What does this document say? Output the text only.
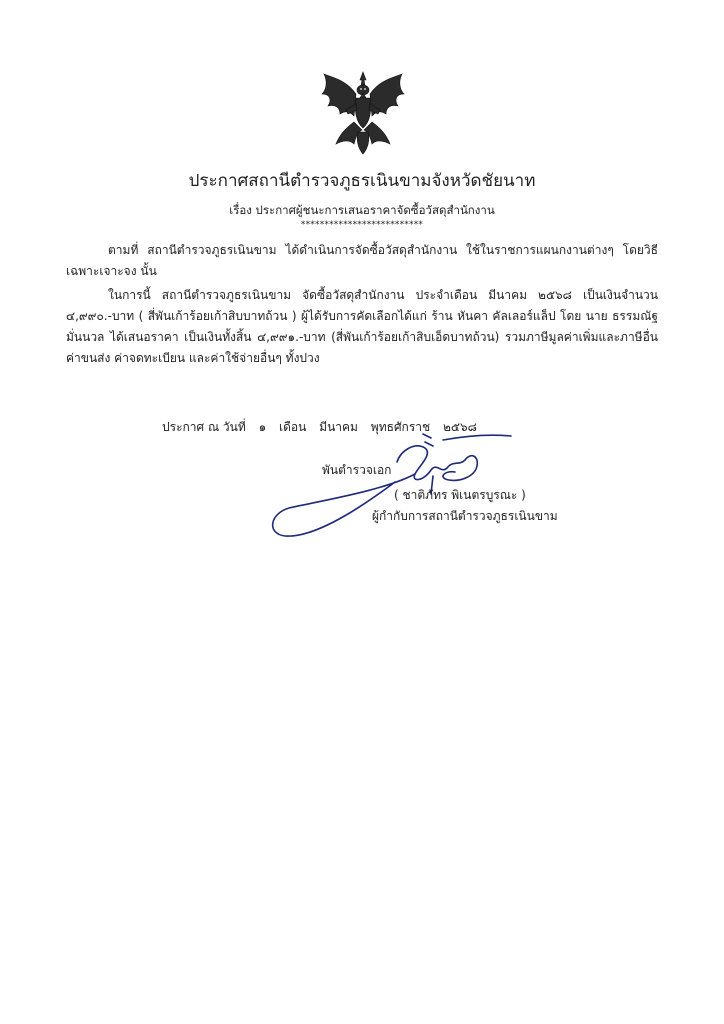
ประกาศสถานีตำรวจภูธรเนินขามจังหวัดชัยนาท
เรื่อง ประกาศผู้ชนะการเสนอราคาจัดซื้อวัสดุสำนักงาน
**************************

ตามที่ สถานีตำรวจภูธรเนินขาม ได้ดำเนินการจัดซื้อวัสดุสำนักงาน ใช้ในราชการแผนกงานต่างๆ โดยวิธีเฉพาะเจาะจง นั้น

ในการนี้ สถานีตำรวจภูธรเนินขาม จัดซื้อวัสดุสำนักงาน ประจำเดือน มีนาคม ๒๕๖๘ เป็นเงินจำนวน ๔,๙๙๐.-บาท ( สี่พันเก้าร้อยเก้าสิบบาทถ้วน ) ผู้ได้รับการคัดเลือกได้แก่ ร้าน หันคา คัลเลอร์แล็ป โดย นาย ธรรมณัฐ มั่นนวล ได้เสนอราคา เป็นเงินทั้งสิ้น ๔,๙๙๑.-บาท (สี่พันเก้าร้อยเก้าสิบเอ็ดบาทถ้วน) รวมภาษีมูลค่าเพิ่มและภาษีอื่น ค่าขนส่ง ค่าจดทะเบียน และค่าใช้จ่ายอื่นๆ ทั้งปวง

ประกาศ ณ วันที่ ๑ เดือน มีนาคม พุทธศักราช ๒๕๖๘
พันตำรวจเอก
( ชาติภัทร พิเนตรบูรณะ )
ผู้กำกับการสถานีตำรวจภูธรเนินขาม
